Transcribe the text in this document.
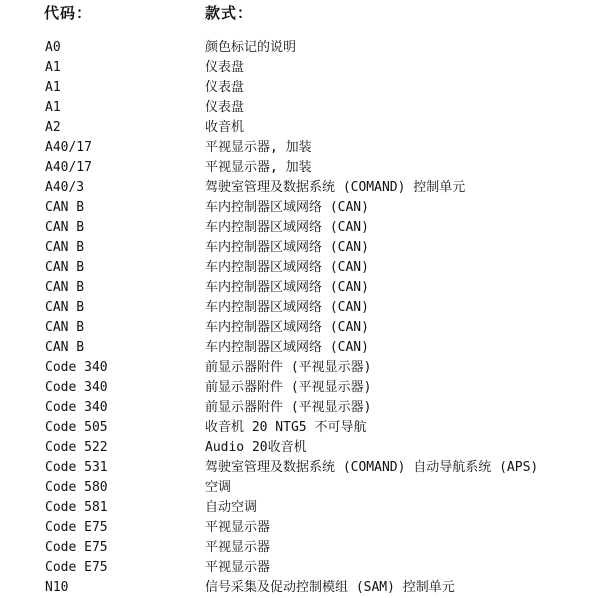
代码：	款式：
A0	颜色标记的说明
A1	仪表盘
A1	仪表盘
A1	仪表盘
A2	收音机
A40/17	平视显示器, 加装
A40/17	平视显示器, 加装
A40/3	驾驶室管理及数据系统 (COMAND) 控制单元
CAN B	车内控制器区域网络 (CAN)
CAN B	车内控制器区域网络 (CAN)
CAN B	车内控制器区域网络 (CAN)
CAN B	车内控制器区域网络 (CAN)
CAN B	车内控制器区域网络 (CAN)
CAN B	车内控制器区域网络 (CAN)
CAN B	车内控制器区域网络 (CAN)
CAN B	车内控制器区域网络 (CAN)
Code 340	前显示器附件 (平视显示器)
Code 340	前显示器附件 (平视显示器)
Code 340	前显示器附件 (平视显示器)
Code 505	收音机 20 NTG5 不可导航
Code 522	Audio 20收音机
Code 531	驾驶室管理及数据系统 (COMAND) 自动导航系统 (APS)
Code 580	空调
Code 581	自动空调
Code E75	平视显示器
Code E75	平视显示器
Code E75	平视显示器
N10	信号采集及促动控制模组 (SAM) 控制单元
